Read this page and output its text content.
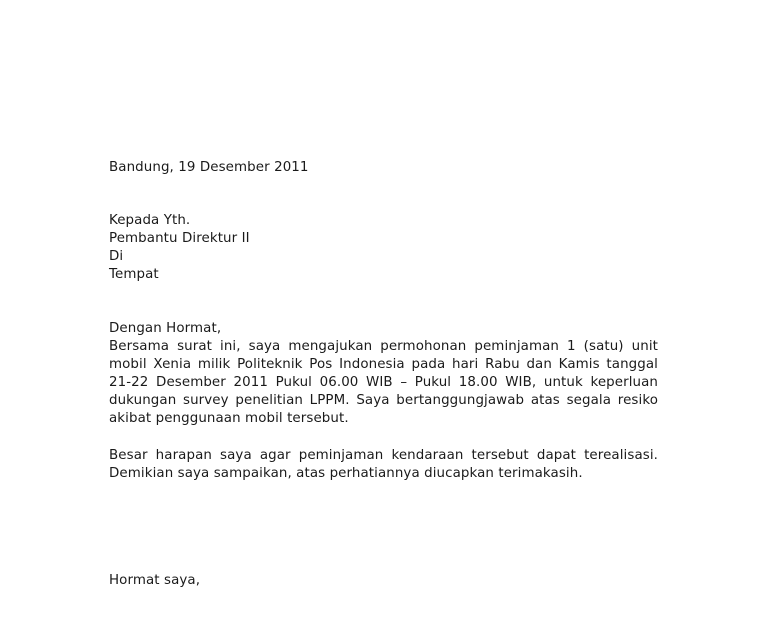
Bandung, 19 Desember 2011
Kepada Yth.
Pembantu Direktur II
Di
Tempat
Dengan Hormat,
Bersama surat ini, saya mengajukan permohonan peminjaman 1 (satu) unit
mobil Xenia milik Politeknik Pos Indonesia pada hari Rabu dan Kamis tanggal
21-22 Desember 2011 Pukul 06.00 WIB – Pukul 18.00 WIB, untuk keperluan
dukungan survey penelitian LPPM. Saya bertanggungjawab atas segala resiko
akibat penggunaan mobil tersebut.
Besar harapan saya agar peminjaman kendaraan tersebut dapat terealisasi.
Demikian saya sampaikan, atas perhatiannya diucapkan terimakasih.
Hormat saya,
